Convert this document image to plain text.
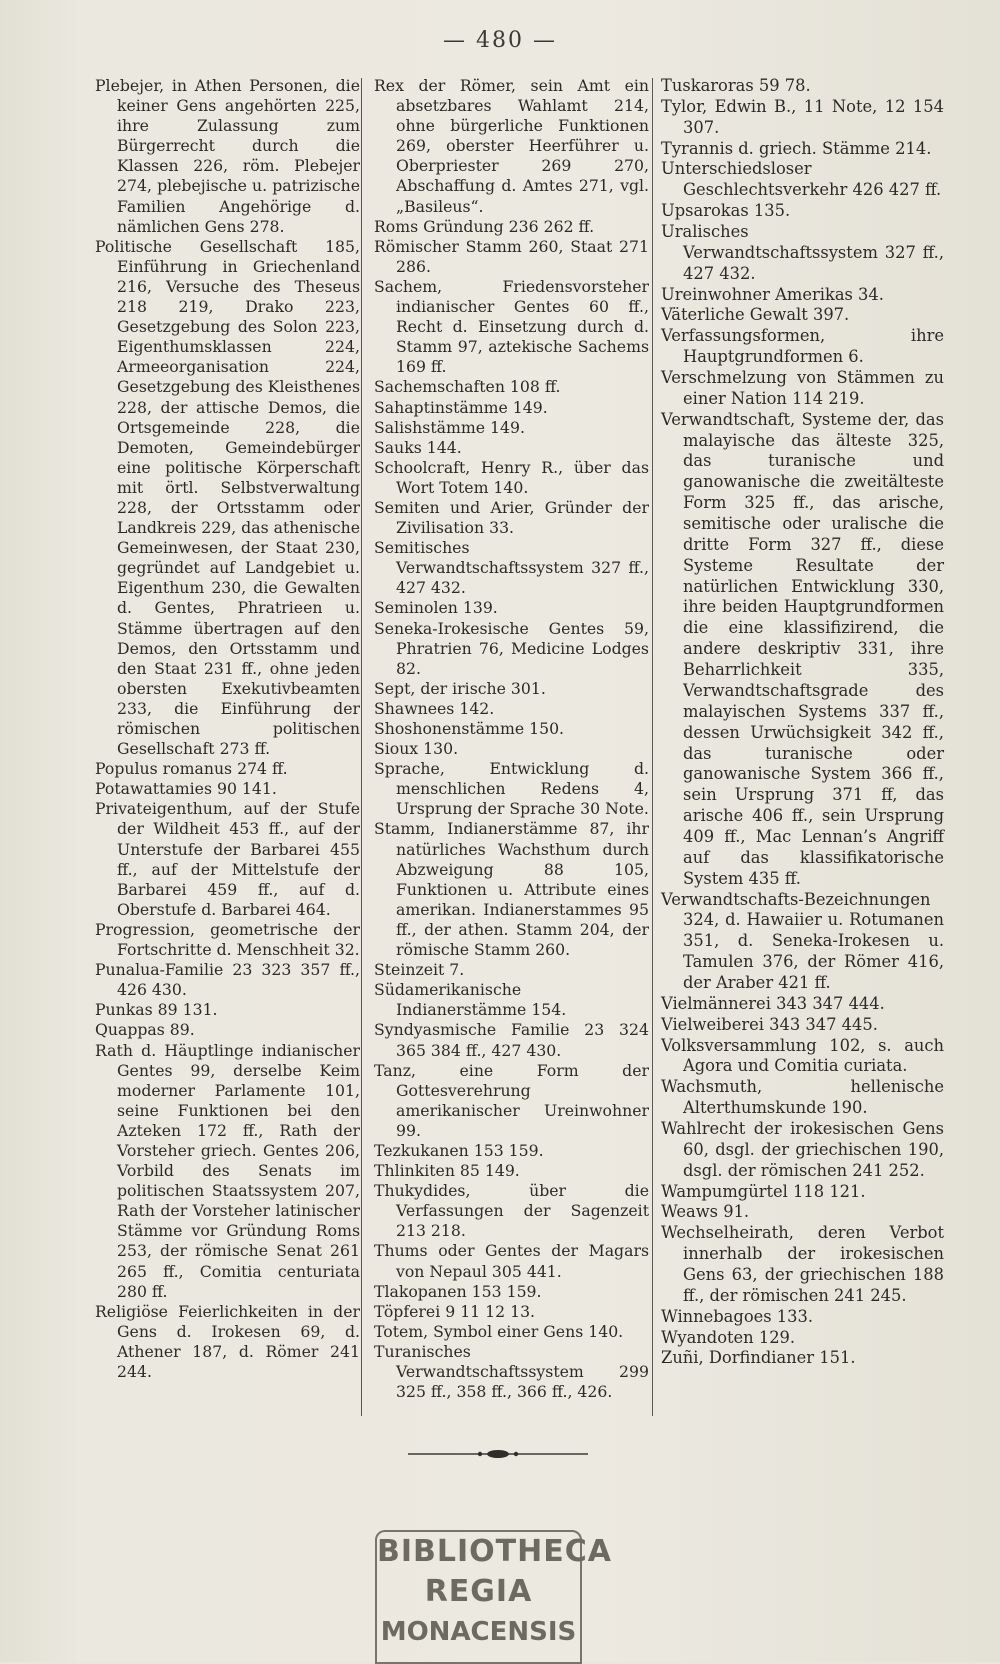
— 480 —

Plebejer, in Athen Personen, die keiner Gens angehörten 225, ihre Zulassung zum Bürgerrecht durch die Klassen 226, röm. Plebejer 274, plebejische u. patrizische Familien Angehörige d. nämlichen Gens 278.

Politische Gesellschaft 185, Einführung in Griechenland 216, Versuche des Theseus 218 219, Drako 223, Gesetzgebung des Solon 223, Eigenthumsklassen 224, Armeeorganisation 224, Gesetzgebung des Kleisthenes 228, der attische Demos, die Ortsgemeinde 228, die Demoten, Gemeindebürger eine politische Körperschaft mit örtl. Selbstverwaltung 228, der Ortsstamm oder Landkreis 229, das athenische Gemeinwesen, der Staat 230, gegründet auf Landgebiet u. Eigenthum 230, die Gewalten d. Gentes, Phratrieen u. Stämme übertragen auf den Demos, den Ortsstamm und den Staat 231 ff., ohne jeden obersten Exekutivbeamten 233, die Einführung der römischen politischen Gesellschaft 273 ff.

Populus romanus 274 ff.

Potawattamies 90 141.

Privateigenthum, auf der Stufe der Wildheit 453 ff., auf der Unterstufe der Barbarei 455 ff., auf der Mittelstufe der Barbarei 459 ff., auf d. Oberstufe d. Barbarei 464.

Progression, geometrische der Fortschritte d. Menschheit 32.

Punalua-Familie 23 323 357 ff., 426 430.

Punkas 89 131.

Quappas 89.

Rath d. Häuptlinge indianischer Gentes 99, derselbe Keim moderner Parlamente 101, seine Funktionen bei den Azteken 172 ff., Rath der Vorsteher griech. Gentes 206, Vorbild des Senats im politischen Staatssystem 207, Rath der Vorsteher latinischer Stämme vor Gründung Roms 253, der römische Senat 261 265 ff., Comitia centuriata 280 ff.

Religiöse Feierlichkeiten in der Gens d. Irokesen 69, d. Athener 187, d. Römer 241 244.

Rex der Römer, sein Amt ein absetzbares Wahlamt 214, ohne bürgerliche Funktionen 269, oberster Heerführer u. Oberpriester 269 270, Abschaffung d. Amtes 271, vgl. „Basileus“.

Roms Gründung 236 262 ff.

Römischer Stamm 260, Staat 271 286.

Sachem, Friedensvorsteher indianischer Gentes 60 ff., Recht d. Einsetzung durch d. Stamm 97, aztekische Sachems 169 ff.

Sachemschaften 108 ff.

Sahaptinstämme 149.

Salishstämme 149.

Sauks 144.

Schoolcraft, Henry R., über das Wort Totem 140.

Semiten und Arier, Gründer der Zivilisation 33.

Semitisches Verwandtschaftssystem 327 ff., 427 432.

Seminolen 139.

Seneka-Irokesische Gentes 59, Phratrien 76, Medicine Lodges 82.

Sept, der irische 301.

Shawnees 142.

Shoshonenstämme 150.

Sioux 130.

Sprache, Entwicklung d. menschlichen Redens 4, Ursprung der Sprache 30 Note.

Stamm, Indianerstämme 87, ihr natürliches Wachsthum durch Abzweigung 88 105, Funktionen u. Attribute eines amerikan. Indianerstammes 95 ff., der athen. Stamm 204, der römische Stamm 260.

Steinzeit 7.

Südamerikanische Indianerstämme 154.

Syndyasmische Familie 23 324 365 384 ff., 427 430.

Tanz, eine Form der Gottesverehrung amerikanischer Ureinwohner 99.

Tezkukanen 153 159.

Thlinkiten 85 149.

Thukydides, über die Verfassungen der Sagenzeit 213 218.

Thums oder Gentes der Magars von Nepaul 305 441.

Tlakopanen 153 159.

Töpferei 9 11 12 13.

Totem, Symbol einer Gens 140.

Turanisches Verwandtschaftssystem 299 325 ff., 358 ff., 366 ff., 426.

Tuskaroras 59 78.

Tylor, Edwin B., 11 Note, 12 154 307.

Tyrannis d. griech. Stämme 214.

Unterschiedsloser Geschlechtsverkehr 426 427 ff.

Upsarokas 135.

Uralisches Verwandtschaftssystem 327 ff., 427 432.

Ureinwohner Amerikas 34.

Väterliche Gewalt 397.

Verfassungsformen, ihre Hauptgrundformen 6.

Verschmelzung von Stämmen zu einer Nation 114 219.

Verwandtschaft, Systeme der, das malayische das älteste 325, das turanische und ganowanische die zweitälteste Form 325 ff., das arische, semitische oder uralische die dritte Form 327 ff., diese Systeme Resultate der natürlichen Entwicklung 330, ihre beiden Hauptgrundformen die eine klassifizirend, die andere deskriptiv 331, ihre Beharrlichkeit 335, Verwandtschaftsgrade des malayischen Systems 337 ff., dessen Urwüchsigkeit 342 ff., das turanische oder ganowanische System 366 ff., sein Ursprung 371 ff, das arische 406 ff., sein Ursprung 409 ff., Mac Lennan’s Angriff auf das klassifikatorische System 435 ff.

Verwandtschafts-Bezeichnungen 324, d. Hawaiier u. Rotumanen 351, d. Seneka-Irokesen u. Tamulen 376, der Römer 416, der Araber 421 ff.

Vielmännerei 343 347 444.

Vielweiberei 343 347 445.

Volksversammlung 102, s. auch Agora und Comitia curiata.

Wachsmuth, hellenische Alterthumskunde 190.

Wahlrecht der irokesischen Gens 60, dsgl. der griechischen 190, dsgl. der römischen 241 252.

Wampumgürtel 118 121.

Weaws 91.

Wechselheirath, deren Verbot innerhalb der irokesischen Gens 63, der griechischen 188 ff., der römischen 241 245.

Winnebagoes 133.

Wyandoten 129.

Zuñi, Dorfindianer 151.

BIBLIOTHECA
REGIA
MONACENSIS
